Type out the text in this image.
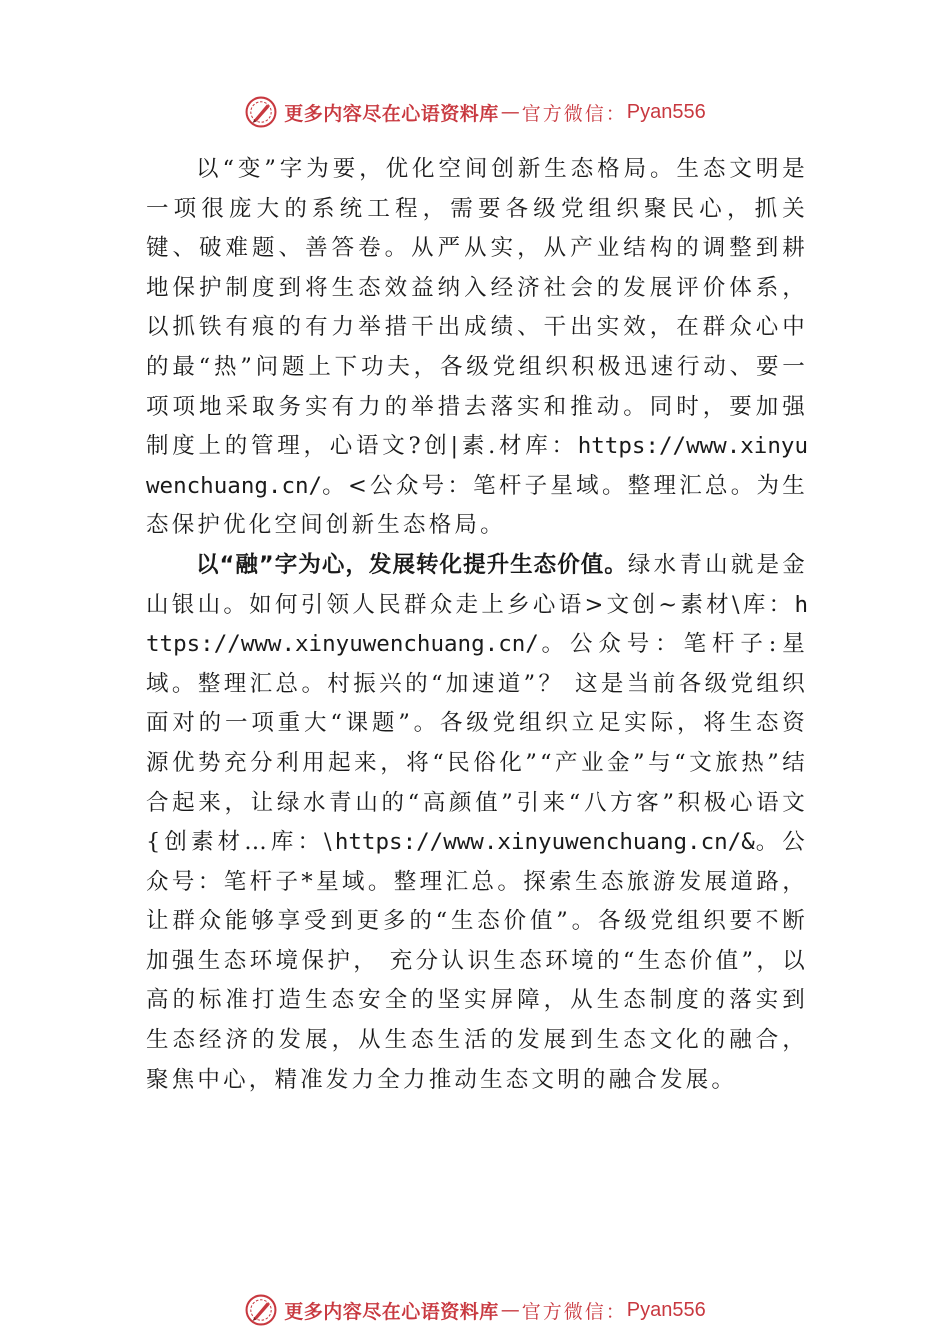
更多内容尽在心语资料库 — 官方微信： Pyan556

以“变”字为要，优化空间创新生态格局。生态文明是一项很庞大的系统工程，需要各级党组织聚民心，抓关键、破难题、善答卷。从严从实，从产业结构的调整到耕地保护制度到将生态效益纳入经济社会的发展评价体系，以抓铁有痕的有力举措干出成绩、干出实效，在群众心中的最“热”问题上下功夫，各级党组织积极迅速行动、要一项项地采取务实有力的举措去落实和推动。同时，要加强制度上的管理，心语文?创|素.材库：https://www.xinyuwenchuang.cn/。<公众号：笔杆子星域。整理汇总。为生态保护优化空间创新生态格局。

以“融”字为心，发展转化提升生态价值。绿水青山就是金山银山。如何引领人民群众走上乡心语>文创~素材\库：https://www.xinyuwenchuang.cn/。公众号：笔杆子:星域。整理汇总。村振兴的“加速道”？ 这是当前各级党组织面对的一项重大“课题”。各级党组织立足实际，将生态资源优势充分利用起来，将“民俗化”“产业金”与“文旅热”结合起来，让绿水青山的“高颜值”引来“八方客”积极心语文{创素材…库：\https://www.xinyuwenchuang.cn/&。公众号：笔杆子*星域。整理汇总。探索生态旅游发展道路，让群众能够享受到更多的“生态价值”。各级党组织要不断加强生态环境保护， 充分认识生态环境的“生态价值”，以高的标准打造生态安全的坚实屏障，从生态制度的落实到生态经济的发展，从生态生活的发展到生态文化的融合，聚焦中心，精准发力全力推动生态文明的融合发展。

更多内容尽在心语资料库 — 官方微信： Pyan556
